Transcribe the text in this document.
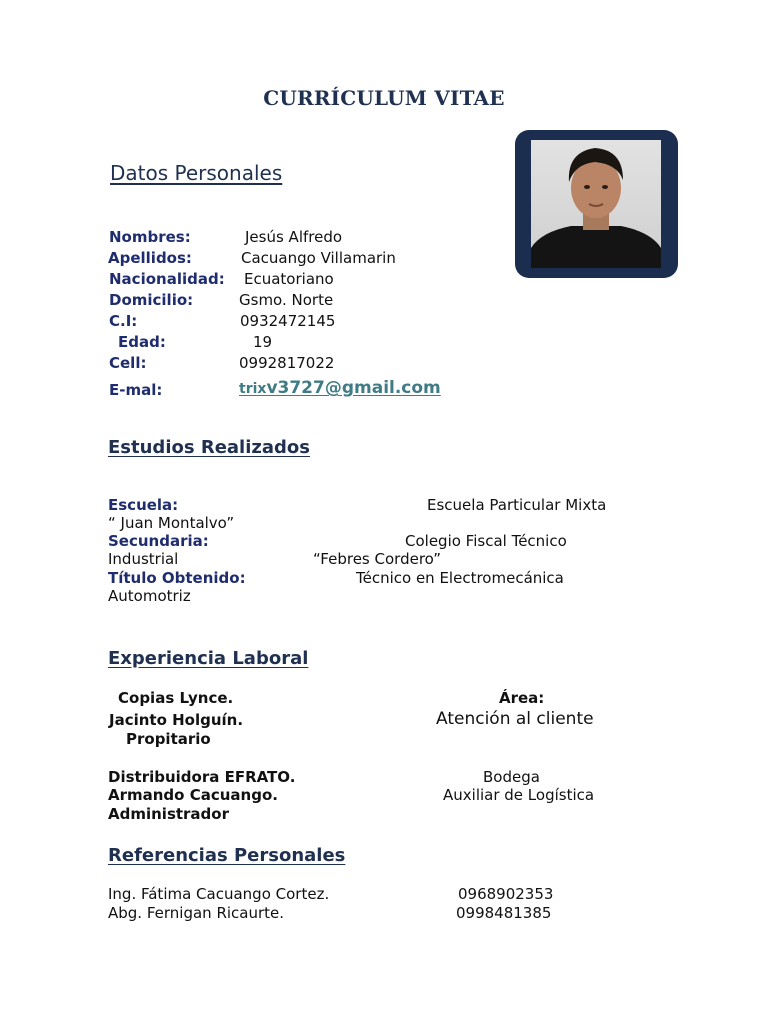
CURRÍCULUM VITAE
Datos Personales
Nombres:	Jesús Alfredo
Apellidos:	Cacuango Villamarin
Nacionalidad: Ecuatoriano
Domicilio:	Gsmo. Norte
C.I:	0932472145
Edad:	19
Cell:	0992817022
E-mal:	trixv3727@gmail.com
Estudios Realizados
Escuela:	Escuela Particular Mixta
“ Juan Montalvo”
Secundaria:	Colegio Fiscal Técnico
Industrial	“Febres Cordero”
Título Obtenido:	Técnico en Electromecánica
Automotriz
Experiencia Laboral
Copias Lynce.	Área:
Jacinto Holguín.	Atención al cliente
Propitario
Distribuidora EFRATO.	Bodega
Armando Cacuango.	Auxiliar de Logística
Administrador
Referencias Personales
Ing. Fátima Cacuango Cortez.	0968902353
Abg. Fernigan Ricaurte.	0998481385
